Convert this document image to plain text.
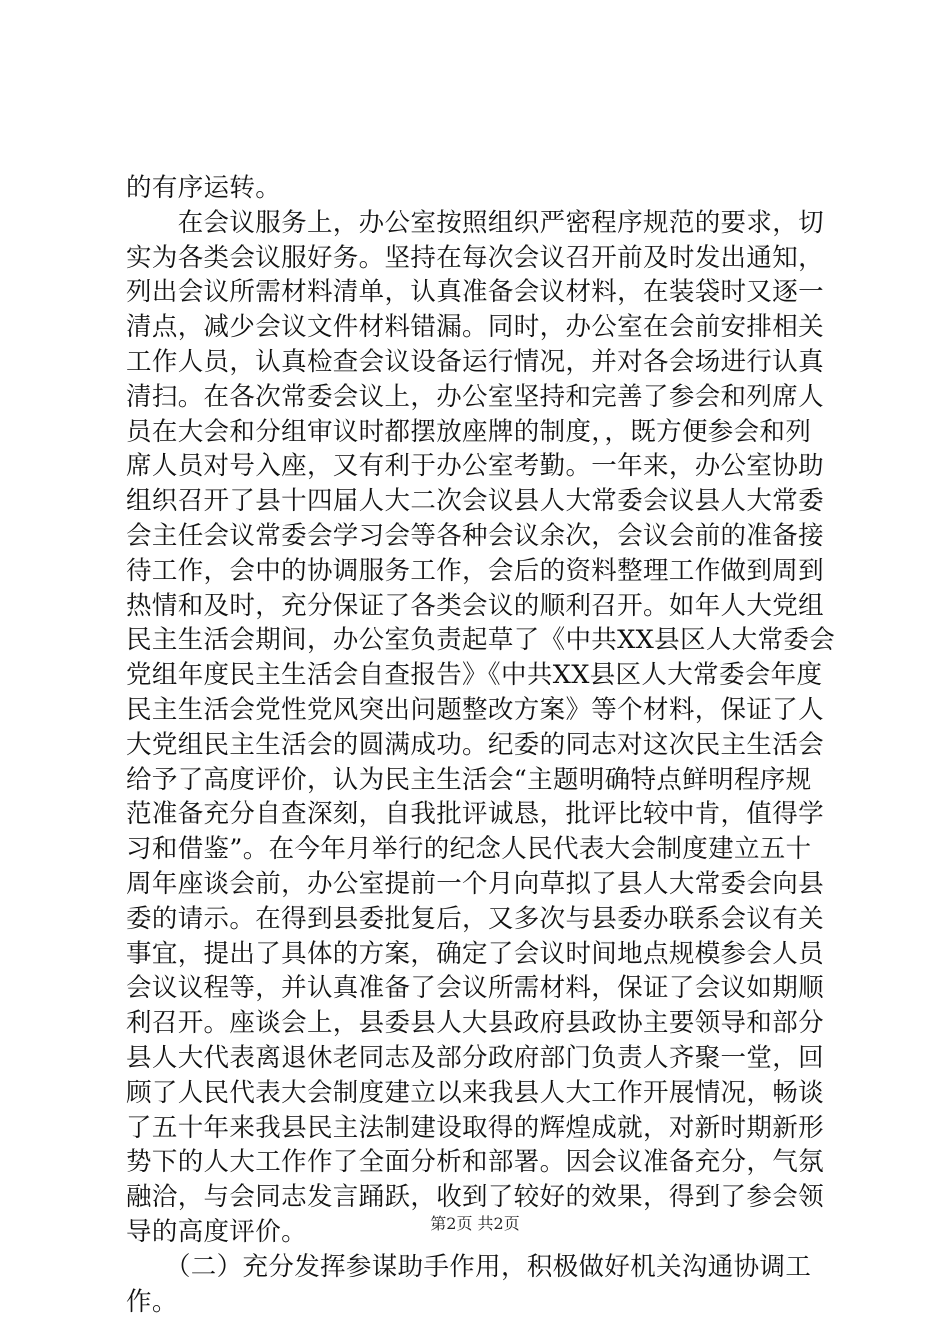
的有序运转。
　　在会议服务上，办公室按照组织严密程序规范的要求，切
实为各类会议服好务。坚持在每次会议召开前及时发出通知，
列出会议所需材料清单，认真准备会议材料，在装袋时又逐一
清点，减少会议文件材料错漏。同时，办公室在会前安排相关
工作人员，认真检查会议设备运行情况，并对各会场进行认真
清扫。在各次常委会议上，办公室坚持和完善了参会和列席人
员在大会和分组审议时都摆放座牌的制度，，既方便参会和列
席人员对号入座，又有利于办公室考勤。一年来，办公室协助
组织召开了县十四届人大二次会议县人大常委会议县人大常委
会主任会议常委会学习会等各种会议余次，会议会前的准备接
待工作，会中的协调服务工作，会后的资料整理工作做到周到
热情和及时，充分保证了各类会议的顺利召开。如年人大党组
民主生活会期间，办公室负责起草了《中共XX县区人大常委会
党组年度民主生活会自查报告》《中共XX县区人大常委会年度
民主生活会党性党风突出问题整改方案》等个材料，保证了人
大党组民主生活会的圆满成功。纪委的同志对这次民主生活会
给予了高度评价，认为民主生活会“主题明确特点鲜明程序规
范准备充分自查深刻，自我批评诚恳，批评比较中肯，值得学
习和借鉴”。在今年月举行的纪念人民代表大会制度建立五十
周年座谈会前，办公室提前一个月向草拟了县人大常委会向县
委的请示。在得到县委批复后，又多次与县委办联系会议有关
事宜，提出了具体的方案，确定了会议时间地点规模参会人员
会议议程等，并认真准备了会议所需材料，保证了会议如期顺
利召开。座谈会上，县委县人大县政府县政协主要领导和部分
县人大代表离退休老同志及部分政府部门负责人齐聚一堂，回
顾了人民代表大会制度建立以来我县人大工作开展情况，畅谈
了五十年来我县民主法制建设取得的辉煌成就，对新时期新形
势下的人大工作作了全面分析和部署。因会议准备充分，气氛
融洽，与会同志发言踊跃，收到了较好的效果，得到了参会领
导的高度评价。
　　（二）充分发挥参谋助手作用，积极做好机关沟通协调工
作。
第2页 共2页
